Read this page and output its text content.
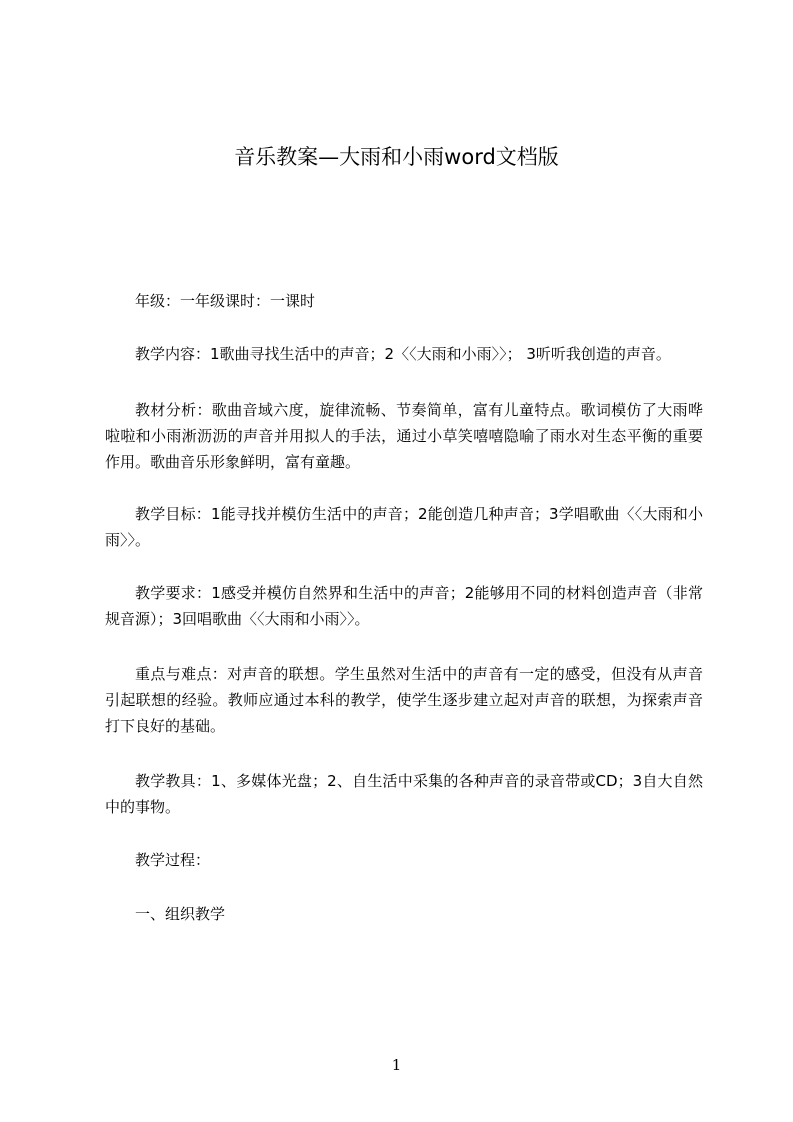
音乐教案—大雨和小雨word文档版

年级：一年级课时：一课时

教学内容：1歌曲寻找生活中的声音；2〈〈大雨和小雨〉〉； 3听听我创造的声音。

教材分析：歌曲音域六度，旋律流畅、节奏简单，富有儿童特点。歌词模仿了大雨哗啦啦和小雨淅沥沥的声音并用拟人的手法，通过小草笑嘻嘻隐喻了雨水对生态平衡的重要作用。歌曲音乐形象鲜明，富有童趣。

教学目标：1能寻找并模仿生活中的声音；2能创造几种声音；3学唱歌曲〈〈大雨和小雨〉〉。

教学要求：1感受并模仿自然界和生活中的声音；2能够用不同的材料创造声音（非常规音源）；3回唱歌曲〈〈大雨和小雨〉〉。

重点与难点：对声音的联想。学生虽然对生活中的声音有一定的感受，但没有从声音引起联想的经验。教师应通过本科的教学，使学生逐步建立起对声音的联想，为探索声音打下良好的基础。

教学教具：1、多媒体光盘；2、自生活中采集的各种声音的录音带或CD；3自大自然中的事物。

教学过程：

一、组织教学

1
